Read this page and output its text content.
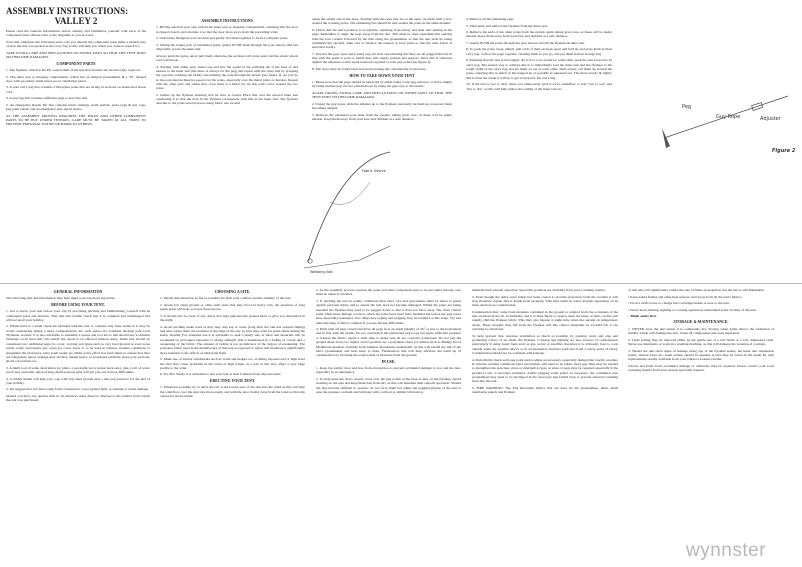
ASSEMBLY INSTRUCTIONS:
VALLEY 2

Please read the General Information before starting and familiarise yourself with each of the component parts. Please refer to the diagrams as you proceed.

Your tent comprises the following parts: (As you unpack the component parts make a mental note of how the tent was packed in the carry bag as this will help you when you come to repack it.)

TAKE EXTRA CARE AND PRECAUTIONS ON WINDY DAYS SO THAT THE TENT DOES NOT BECOME DAMAGED.

COMPONENT PARTS

1. The flysheet, which is the PU coated shell of the tent that features the attached guy ropes etc.

2. The inner tent or sleeping compartment, which has an integral groundsheet & a "D", shaped door with secondary mesh insect proof ventilation panel.

3. A pole carry bag that contains 2 fibreglass poles that are strung in sections on elasticated shock cord.

4. A peg bag that contains sufficient pegs to erect the tent.

5. An emergency Repair Kit that contains fabric cuttings, seam sealant, spare pegs & guy rope, peg point elastic and an emergency pole repair sleeve.

AS THE ASSEMBLY PROCESS REQUIRES THE POLES AND OTHER COMPONENT PARTS TO BE PUT UNDER TENSION, CARE MUST BE TAKEN AT ALL TIMES TO PREVENT PERSONAL INJURY OR HARM TO OTHERS.

ASSEMBLY INSTRUCTIONS

1. Having selected your site, unfold the inner tent or sleeping compartment, ensuring that the door is zipped closed, and orientate it so that the door faces away from the prevailing wind.

2. Unfold the fibreglass pole sections and gently slot them together to form 2 complete poles.

3. Taking the longer pair of assembled poles, gently PUSH them through the pole sleeves that run diagonally across the inner tent.

Always push the poles, never pull them otherwise the sections will come apart and the elastic shock cord will break.

4. Starting with either pole, insert one end into the eyelet in the webbing tab at the base of and nearest to the inner tent (the inner is always for the peg) and repeat with the other end by grasping the opposite webbing tab firmly and pushing the pole through the sleeve (see figure 1). As you do so the pole sleeves must be eased over the poles, especially over the metal joints or ferrules. Repeat with the other pole and where they cross there is a fabric tie; tie this with a bow around the two poles.

5. Gather up the flysheet ensuring that its door is closed. Place this over the erected inner tent orientating it so that the door in the flysheet corresponds with that in the inner tent. The flysheet attaches to the poles several places using fabric ties located

along the seams and at the apex. Starting with the ones that are at the apex, tie them with a bow around the crossing poles. The remaining ties should be tied around the poles in the same manner.

6. Check that the tent's position is acceptable, adjusting if necessary and then start putting in the pegs. Remember to angle the pegs away from the tent. This must be done systematically starting with the four corners followed by the tabs along the groundsheet so that the tent ends up being symmetrically pitched. Take care to balance the tension at each point so that the tents fabric is stretched evenly.

7. Unravel the guy ropes and loosely peg out each one ensuring that they are all pegged directly in line with the seam or pole to which they will supply tension and support. Once this is achieved tighten the adjusters so that equal tension is applied to each guy point (see figure 2).

8. The doors may be rolled back and secured using the conveniently located ties.

HOW TO TAKE DOWN YOUR TENT

1. Please note that the pegs should be extracted by either using a tent peg extractor or more simply by using another peg. Do not pull them out by using the guy rope or the elastic.

AGAIN TAKING EXTRA CARE AND PRECAUTIONS ON WINDY DAYS SO THAT THE TENT DOES NOT BECOME DAMAGED.

2. Unpeg the guy ropes, slide the adjuster up to the flysheet and neatly tie them up to prevent them becoming tangled.

3. Remove the extension pole ends from the eyelets, taking great care, as these will be under tension. Keep them away from your face and children at a safe distance.

4. Remove all the remaining pegs

5. Then untie and remove the flysheet from the inner tent.

6. Remove the ends of the other poles from the eyelets again taking great care, as these will be under tension. Keep them away from your face and children at a safe distance.

7. Gently PUSH the poles through the pole sleeves in both the flysheet & inner tent.

8. To pack the poles away, simply pull each of their sections apart and fold up and store them in their carry bag. Collect the pegs together, cleaning them as you go, and put them in their storage bag.

9. Ensuring that the tent is thoroughly dry if it is to be stored for some time, pack the tent away into its carry bag. The easiest way to achieve this is to individually fold the inner tent and the flysheet to the rough width of the carry bag and lay them on top of each other. Then slowly roll them up around the poles, ensuring that as much of the trapped air as possible is squeezed out. The more slowly & tightly this is done the easier it will be to get it back into the carry bag.

10. If the tent is wet or dirty when you temporarily pack it away remember to fold "wet to wet" and "dry to dry", as this will help reduce the soiling of the inner tent etc.

Fabric Sleeve
Webbing tab
Peg
Guy Rope	Adjuster
Figure 2
GENERAL INFORMATION

The following tips and information may help make your trip more enjoyable.

BEFORE USING YOUR TENT.

1. Get to know your tent before your trip by practising pitching and familiarising yourself with its component parts and features. This will also double check that it is complete and undamaged and will not spoil your holiday.

2. Whilst there is a small repair kit included with the tent, it contains only basic items so it may be worth considering taking a more comprehensive kit; such spares are available through your local Wynnster stockist. It is also advisable to assemble a spares and tool kit so that should any accidental breakage occur then this will enable the repair to be effected without delay. Items that should be considered are: additional pegs (to cover: varying soil types such as very hard ground or even loose sandy soils); extra/spare guy ropes (to cover loose or to be used in adverse weather conditions to strengthen the structure); extra seam sealer (as whilst every effort has been taken to ensure that they are adequately taped, leakage may develop during heavy or prolonged rainfall); spare pole sections; shock cord elastic etc.

3. A multi tool of some description (or pliers, a pen knife and a junior hack saw), plus a roll of water proof tape and some quick drying, multi-purpose glue will get you out of most difficulties.

4. A rubber mallet will help you cope with very hard ground plus a tent peg extractor for the end of your holiday.

5. We suggest that you have some form of insurance cover against theft, accidental or storm damage.

Should you have any queries then in all instances these must be directed to the retailer from whom the tent was purchased.

CHOOSING A SITE.

1. Ideally this should be as flat as possible for both your comfort and the stability of the tent.

2. Avoid low lying ground or other such areas that may flood in heavy rain, the presence of long green grass will help you spot these places.

3. It should also be clear of any object that may puncture the ground sheet or give you discomfort in the night.

4. Avoid pitching under trees as they may drip sap or water (long after the rain has stopped falling) and sites where there are branches at the edge of the day as your may wish for some shade during the hotter months. For extended use it is advisable to seek a shady site, as most tent materials will be weakened by prolonged exposure to strong sunlight; this is manifested in a fading of colour and a weakening of the fabric. The amount of fading is not an indicator of the degree of weakening. The polyester fabric used in the manufacture of this tent as opposed to nylon will moderate it significantly more resistant to the affects of ultraviolet light.

5. Make use of natural windbreaks such as walls and hedges etc, avoiding exposed and or high level site that may cause problems in the event of high winds, as a tent of this size offers a very large profile to the wind.

6. For Fire Safety it is advisable to site your tent at least 6 metres from adjacent tents.

ERECTING YOUR TENT.

1. Whenever possible try to pitch the tail or the lowest part of the tent into the wind as this will help the wind flow over the structure more easily, and with the door facing away from the wind so that rain cannot be blown inside.

2. As the assembly process requires the poles and other component parts to be put under tension, care must be taken at all times.

3. If pitching the tent in windy conditions then extra care and precautions must be taken to guard against personal injury and to ensure the tent does not become damaged. Whilst the poles are being installed the flysheet may need to be pegged down so that it does not blow away. The most critical point when most damage occurs is when the poles have been fully installed but before the guy ropes have been fully tensioned. Two temporary peging and pegging may be required at this stage. Try and enlist the help of fellow campers if you are having difficulties.

4. Pitch with all pegs closed and drive all pegs in at an angle (ideally of 45° or less to the horizontal) and in line with the seams. Do not overstretch the elasticated peg loops but apply sufficient pressure to tension the fabric; spend a little time to make sure all are correctly positioned. Do not peg the ground sheet down too tightly and if possible lay a polythene sheet (or similar such as Bumpy Proof Membrane material available from builders merchants) underneath, as this will extend the life of the tent's groundsheet and help keep it clean. Furthermore this will help alleviate the build up of condensation by blocking the evaporation of moisture from the ground.

IN USE.

1. Keep the exit(s) clear and free from obstruction to prevent accidental damage to you and the tent, especially in an emergency.

2. To help keep the doors closed, cross over the peg points at the base of zips on the flysheet. Avoid treading on the zips and keep them free from dirt, as this will maintain their smooth operation. Should the zips become difficult to operate; do not force them but adjust the pegging/guying of the tent to ease the pressure on them and lubricate with a silicon or similar lubricant to

maintain their smooth operation. Specialist products are available from your Camping retailer.

3. Even though the tent's outer fabric has been coated to provide protection from the weather it will stop moisture vapour that is inside from escaping. This may result in water droplets appearing on its inner surfaces as condensation.

Condensation may come from moisture contained in the ground or expired from the occupants of the tent and held in the air as humidity, and it is most likely to appear upon the inner of tents, as this will rapidly chill the flysheet fabric. This may also happen at night time when the outside air temperature drops. These droplets may fall from the flysheet and this cannot altogether be avoided but it can certainly be alleviated.

To help prevent this, increase ventilation as much as possible by opening vents and zips and promoting a flow of air under the flysheet. Cooking and lighting are also sources of condensation particularly if using fossil fuels such as gas, petrol or paraffin; therefore it is obviously best to cook outside when the weather allows or in an alternative structure (and also from a safety point of view). Condensation should not be confused with leakage.

4. Periodically check each peg point and re adjust as necessary, especially during/after stormy weather. In adverse weather conditions extra precautions will need to be taken; more guy lines may be needed to strengthen the structure; more or alternative types or sizes of pegs may be required especially if the ground is soft or becomes saturated, double pegging some points as necessary, the communal area groundsheet may need to be unclipped in the doorways and folded back to prevent rainwater running back into the tent.

5. FIRE WARNING: The Fire Retardant fabrics that are used for the groundsheet, inner, mesh ventilation panels and flysheet

of this tent will significantly reduce the rate of flame propagation, but the tent is still flammable.

• Keep naked flames and other heat sources well away from all the tent's fabrics.

• Do not refill stoves or change fuel cartridges inside or near to the tent.

• Never leave heating, lighting or cooking appliances unattended in the vicinity of the tent.

- Think safety first -
STORAGE & MAINTENANCE.

1. NEVER store the tent unless it is completely dry. Storing when damp allows the formation of mildew which will damage the tent. Clean all components and store separately.

2. Light soiling may be removed either by the gentle use of a soft brush or a soft, dampened cloth. Never use detergents or wash in a washing machine, as this will damage the waterproof coatings.

3. Should the tent show signs of leakage along any of the flysheet seams, the inner tent suspension points, lantern loops etc, seam sealant should be applied. A tube may be found in the repair kit with replacements readily available from your Outdoor Leisure retailer.

4.Tears and holes from accidental damage or otherwise may be repaired. Please contact your local Camping retailer from your nearest specialist repairer.

wynnster
